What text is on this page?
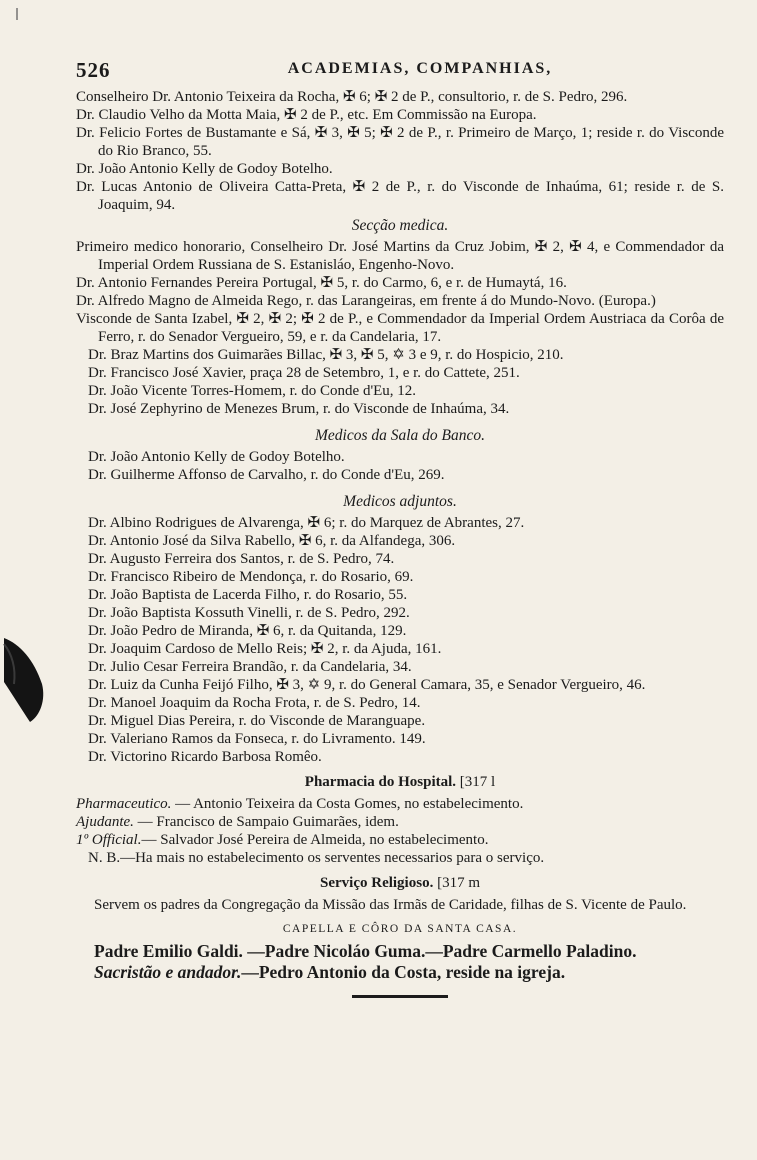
526	ACADEMIAS, COMPANHIAS,

Conselheiro Dr. Antonio Teixeira da Rocha, ✠ 6; ✠ 2 de P., consultorio, r. de S. Pedro, 296.

Dr. Claudio Velho da Motta Maia, ✠ 2 de P., etc. Em Commissão na Europa.

Dr. Felicio Fortes de Bustamante e Sá, ✠ 3, ✠ 5; ✠ 2 de P., r. Primeiro de Março, 1; reside r. do Visconde do Rio Branco, 55.

Dr. João Antonio Kelly de Godoy Botelho.

Dr. Lucas Antonio de Oliveira Catta-Preta, ✠ 2 de P., r. do Visconde de Inhaúma, 61; reside r. de S. Joaquim, 94.

Secção medica.

Primeiro medico honorario, Conselheiro Dr. José Martins da Cruz Jobim, ✠ 2, ✠ 4, e Commendador da Imperial Ordem Russiana de S. Estanisláo, Engenho-Novo.

Dr. Antonio Fernandes Pereira Portugal, ✠ 5, r. do Carmo, 6, e r. de Humaytá, 16.

Dr. Alfredo Magno de Almeida Rego, r. das Larangeiras, em frente á do Mundo-Novo. (Europa.)

Visconde de Santa Izabel, ✠ 2, ✠ 2; ✠ 2 de P., e Commendador da Imperial Ordem Austriaca da Corôa de Ferro, r. do Senador Vergueiro, 59, e r. da Candelaria, 17.

Dr. Braz Martins dos Guimarães Billac, ✠ 3, ✠ 5, ✡ 3 e 9, r. do Hospicio, 210.

Dr. Francisco José Xavier, praça 28 de Setembro, 1, e r. do Cattete, 251.

Dr. João Vicente Torres-Homem, r. do Conde d'Eu, 12.

Dr. José Zephyrino de Menezes Brum, r. do Visconde de Inhaúma, 34.

Medicos da Sala do Banco.

Dr. João Antonio Kelly de Godoy Botelho.

Dr. Guilherme Affonso de Carvalho, r. do Conde d'Eu, 269.

Medicos adjuntos.

Dr. Albino Rodrigues de Alvarenga, ✠ 6; r. do Marquez de Abrantes, 27.

Dr. Antonio José da Silva Rabello, ✠ 6, r. da Alfandega, 306.

Dr. Augusto Ferreira dos Santos, r. de S. Pedro, 74.

Dr. Francisco Ribeiro de Mendonça, r. do Rosario, 69.

Dr. João Baptista de Lacerda Filho, r. do Rosario, 55.

Dr. João Baptista Kossuth Vinelli, r. de S. Pedro, 292.

Dr. João Pedro de Miranda, ✠ 6, r. da Quitanda, 129.

Dr. Joaquim Cardoso de Mello Reis; ✠ 2, r. da Ajuda, 161.

Dr. Julio Cesar Ferreira Brandão, r. da Candelaria, 34.

Dr. Luiz da Cunha Feijó Filho, ✠ 3, ✡ 9, r. do General Camara, 35, e Senador Vergueiro, 46.

Dr. Manoel Joaquim da Rocha Frota, r. de S. Pedro, 14.

Dr. Miguel Dias Pereira, r. do Visconde de Maranguape.

Dr. Valeriano Ramos da Fonseca, r. do Livramento. 149.

Dr. Victorino Ricardo Barbosa Romêo.

Pharmacia do Hospital. [317 l

Pharmaceutico. — Antonio Teixeira da Costa Gomes, no estabelecimento.

Ajudante. — Francisco de Sampaio Guimarães, idem.

1º Official.— Salvador José Pereira de Almeida, no estabelecimento.

N. B.—Ha mais no estabelecimento os serventes necessarios para o serviço.

Serviço Religioso. [317 m

Servem os padres da Congregação da Missão das Irmãs de Caridade, filhas de S. Vicente de Paulo.

CAPELLA E CÔRO DA SANTA CASA.

Padre Emilio Galdi. —Padre Nicoláo Guma.—Padre Carmello Paladino.

Sacristão e andador.—Pedro Antonio da Costa, reside na igreja.
